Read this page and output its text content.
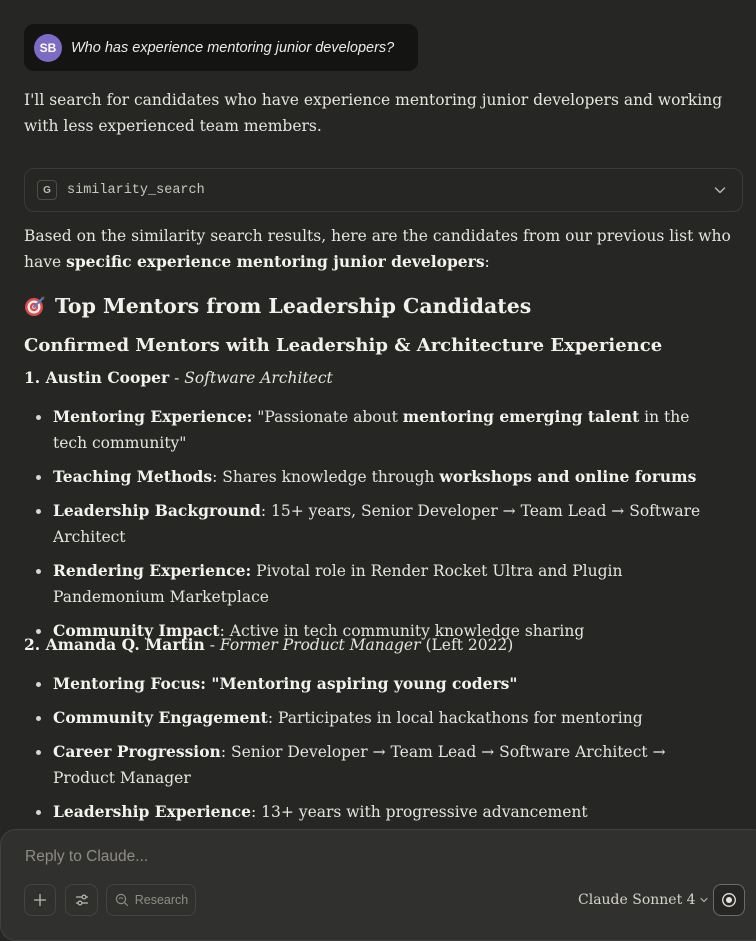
SB	Who has experience mentoring junior developers?
I'll search for candidates who have experience mentoring junior developers and working with less experienced team members.
G	similarity_search
Based on the similarity search results, here are the candidates from our previous list who have specific experience mentoring junior developers:
Top Mentors from Leadership Candidates
Confirmed Mentors with Leadership & Architecture Experience
1. Austin Cooper - Software Architect
Mentoring Experience: "Passionate about mentoring emerging talent in the tech community"
Teaching Methods: Shares knowledge through workshops and online forums
Leadership Background: 15+ years, Senior Developer → Team Lead → Software Architect
Rendering Experience: Pivotal role in Render Rocket Ultra and Plugin Pandemonium Marketplace
Community Impact: Active in tech community knowledge sharing
2. Amanda Q. Martin - Former Product Manager (Left 2022)
Mentoring Focus: "Mentoring aspiring young coders"
Community Engagement: Participates in local hackathons for mentoring
Career Progression: Senior Developer → Team Lead → Software Architect → Product Manager
Leadership Experience: 13+ years with progressive advancement
Reply to Claude...
Research	Claude Sonnet 4
